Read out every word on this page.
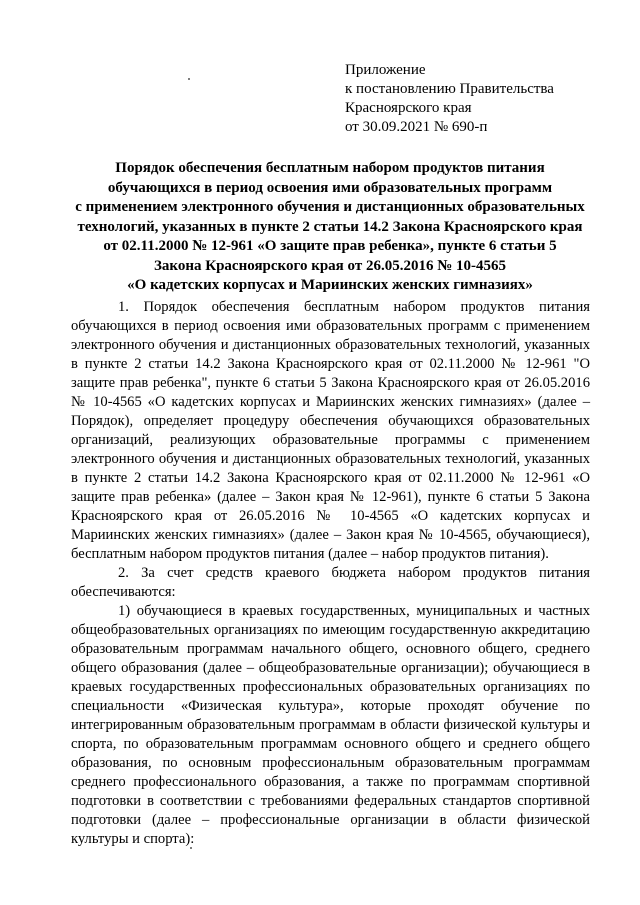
Приложение
к постановлению Правительства
Красноярского края
от 30.09.2021 № 690-п
Порядок обеспечения бесплатным набором продуктов питания
обучающихся в период освоения ими образовательных программ
с применением электронного обучения и дистанционных образовательных
технологий, указанных в пункте 2 статьи 14.2 Закона Красноярского края
от 02.11.2000 № 12-961 «О защите прав ребенка», пункте 6 статьи 5
Закона Красноярского края от 26.05.2016 № 10-4565
«О кадетских корпусах и Мариинских женских гимназиях»

1. Порядок обеспечения бесплатным набором продуктов питания обучающихся в период освоения ими образовательных программ с применением электронного обучения и дистанционных образовательных технологий, указанных в пункте 2 статьи 14.2 Закона Красноярского края от 02.11.2000 № 12-961 "О защите прав ребенка", пункте 6 статьи 5 Закона Красноярского края от 26.05.2016 № 10-4565 «О кадетских корпусах и Мариинских женских гимназиях» (далее – Порядок), определяет процедуру обеспечения обучающихся образовательных организаций, реализующих образовательные программы с применением электронного обучения и дистанционных образовательных технологий, указанных в пункте 2 статьи 14.2 Закона Красноярского края от 02.11.2000 № 12-961 «О защите прав ребенка» (далее – Закон края № 12-961), пункте 6 статьи 5 Закона Красноярского края от 26.05.2016 № 10-4565 «О кадетских корпусах и Мариинских женских гимназиях» (далее – Закон края № 10-4565, обучающиеся), бесплатным набором продуктов питания (далее – набор продуктов питания).

2. За счет средств краевого бюджета набором продуктов питания обеспечиваются:

1) обучающиеся в краевых государственных, муниципальных и частных общеобразовательных организациях по имеющим государственную аккредитацию образовательным программам начального общего, основного общего, среднего общего образования (далее – общеобразовательные организации); обучающиеся в краевых государственных профессиональных образовательных организациях по специальности «Физическая культура», которые проходят обучение по интегрированным образовательным программам в области физической культуры и спорта, по образовательным программам основного общего и среднего общего образования, по основным профессиональным образовательным программам среднего профессионального образования, а также по программам спортивной подготовки в соответствии с требованиями федеральных стандартов спортивной подготовки (далее – профессиональные организации в области физической культуры и спорта):
